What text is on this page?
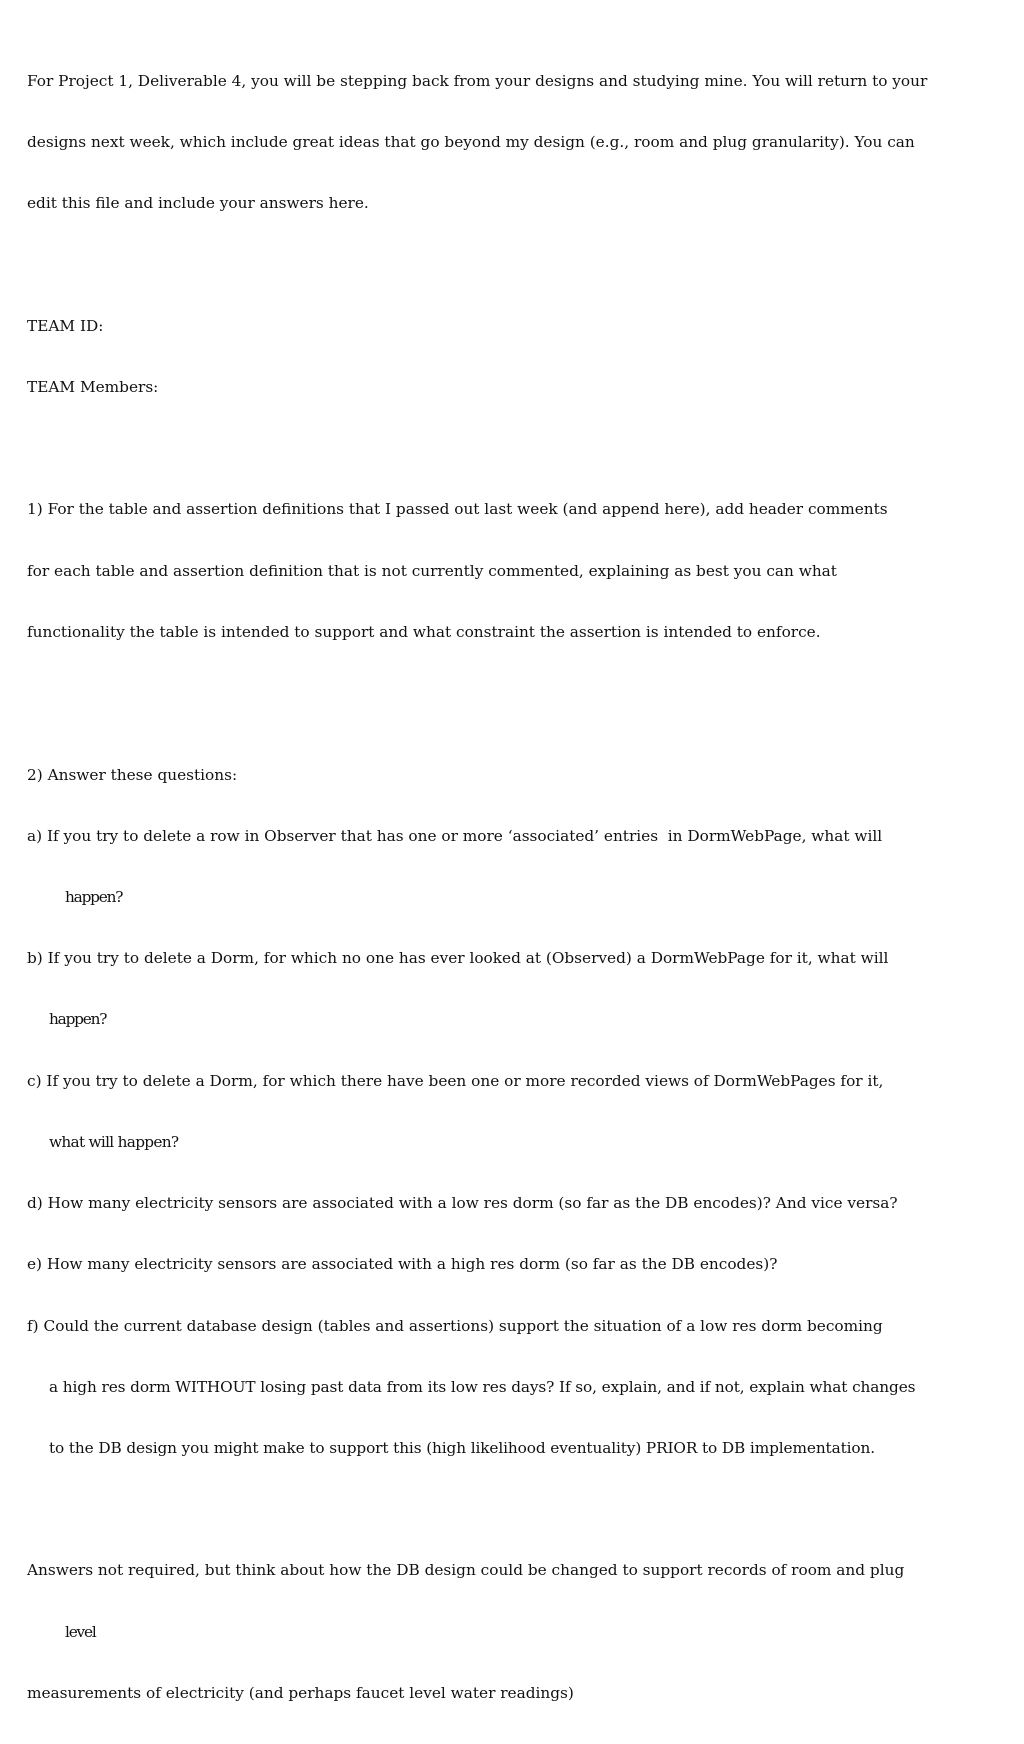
For Project 1, Deliverable 4, you will be stepping back from your designs and studying mine. You will return to your

designs next week, which include great ideas that go beyond my design (e.g., room and plug granularity). You can

edit this file and include your answers here.

TEAM ID:

TEAM Members:

1) For the table and assertion definitions that I passed out last week (and append here), add header comments

for each table and assertion definition that is not currently commented, explaining as best you can what

functionality the table is intended to support and what constraint the assertion is intended to enforce.

2) Answer these questions:

a) If you try to delete a row in Observer that has one or more ‘associated’ entries  in DormWebPage, what will

happen?

b) If you try to delete a Dorm, for which no one has ever looked at (Observed) a DormWebPage for it, what will

happen?

c) If you try to delete a Dorm, for which there have been one or more recorded views of DormWebPages for it,

what will happen?

d) How many electricity sensors are associated with a low res dorm (so far as the DB encodes)? And vice versa?

e) How many electricity sensors are associated with a high res dorm (so far as the DB encodes)?

f) Could the current database design (tables and assertions) support the situation of a low res dorm becoming

a high res dorm WITHOUT losing past data from its low res days? If so, explain, and if not, explain what changes

to the DB design you might make to support this (high likelihood eventuality) PRIOR to DB implementation.

Answers not required, but think about how the DB design could be changed to support records of room and plug

level

measurements of electricity (and perhaps faucet level water readings)
